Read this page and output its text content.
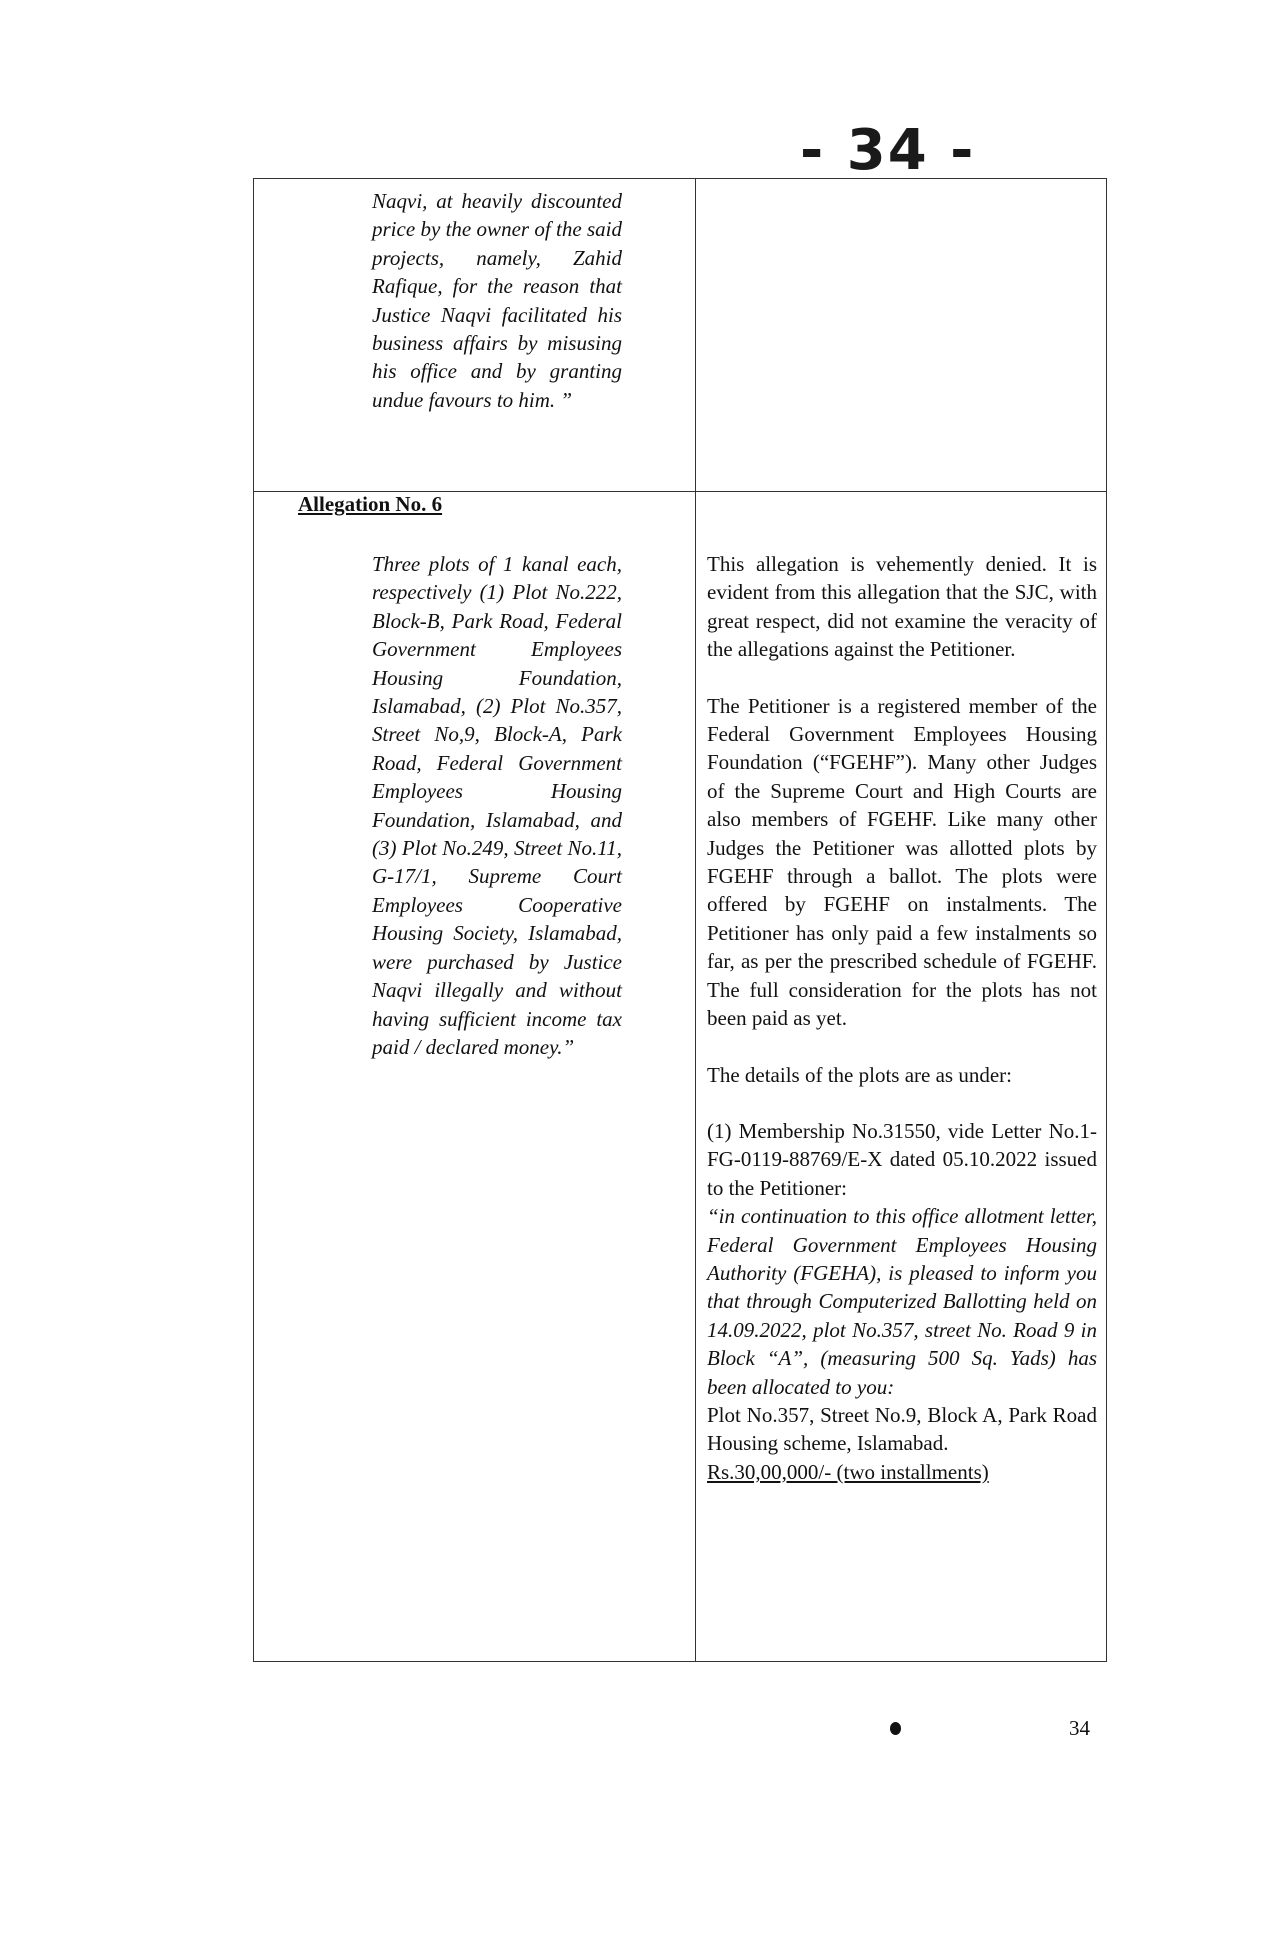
- 34 -

Naqvi, at heavily discounted price by the owner of the said projects, namely, Zahid Rafique, for the reason that Justice Naqvi facilitated his business affairs by misusing his office and by granting undue favours to him. ”

Allegation No. 6

Three plots of 1 kanal each, respectively (1) Plot No.222, Block-B, Park Road, Federal Government Employees Housing Foundation, Islamabad, (2) Plot No.357, Street No,9, Block-A, Park Road, Federal Government Employees Housing Foundation, Islamabad, and (3) Plot No.249, Street No.11, G-17/1, Supreme Court Employees Cooperative Housing Society, Islamabad, were purchased by Justice Naqvi illegally and without having sufficient income tax paid / declared money.”

This allegation is vehemently denied. It is evident from this allegation that the SJC, with great respect, did not examine the veracity of the allegations against the Petitioner.

The Petitioner is a registered member of the Federal Government Employees Housing Foundation (“FGEHF”). Many other Judges of the Supreme Court and High Courts are also members of FGEHF. Like many other Judges the Petitioner was allotted plots by FGEHF through a ballot. The plots were offered by FGEHF on instalments. The Petitioner has only paid a few instalments so far, as per the prescribed schedule of FGEHF. The full consideration for the plots has not been paid as yet.

The details of the plots are as under:

(1) Membership No.31550, vide Letter No.1-FG-0119-88769/E-X dated 05.10.2022 issued to the Petitioner:

“in continuation to this office allotment letter, Federal Government Employees Housing Authority (FGEHA), is pleased to inform you that through Computerized Ballotting held on 14.09.2022, plot No.357, street No. Road 9 in Block “A”, (measuring 500 Sq. Yads) has been allocated to you:

Plot No.357, Street No.9, Block A, Park Road Housing scheme, Islamabad.

Rs.30,00,000/- (two installments)

34
